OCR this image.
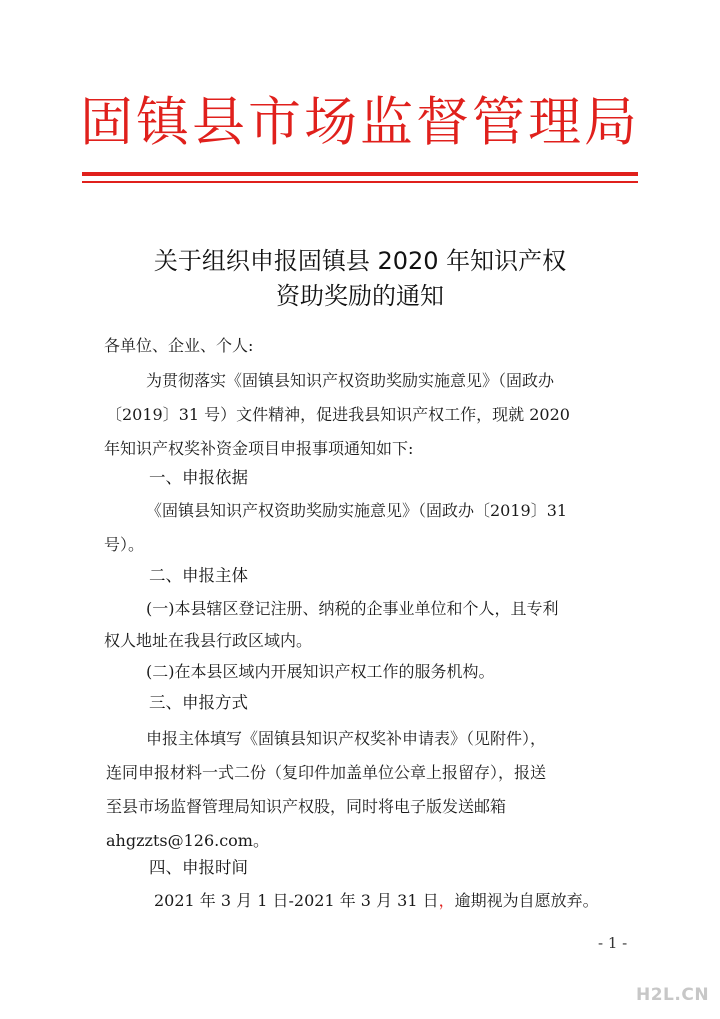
固镇县市场监督管理局
关于组织申报固镇县 2020 年知识产权
资助奖励的通知
各单位、企业、个人:
为贯彻落实《固镇县知识产权资助奖励实施意见》（固政办
〔2019〕31 号）文件精神，促进我县知识产权工作，现就 2020
年知识产权奖补资金项目申报事项通知如下:
一、申报依据
《固镇县知识产权资助奖励实施意见》（固政办〔2019〕31
号）。
二、申报主体
(一)本县辖区登记注册、纳税的企事业单位和个人，且专利
权人地址在我县行政区域内。
(二)在本县区域内开展知识产权工作的服务机构。
三、申报方式
申报主体填写《固镇县知识产权奖补申请表》（见附件），
连同申报材料一式二份（复印件加盖单位公章上报留存），报送
至县市场监督管理局知识产权股，同时将电子版发送邮箱
ahgzzts@126.com。
四、申报时间
2021 年 3 月 1 日-2021 年 3 月 31 日，逾期视为自愿放弃。
- 1 -
H2L.CN
